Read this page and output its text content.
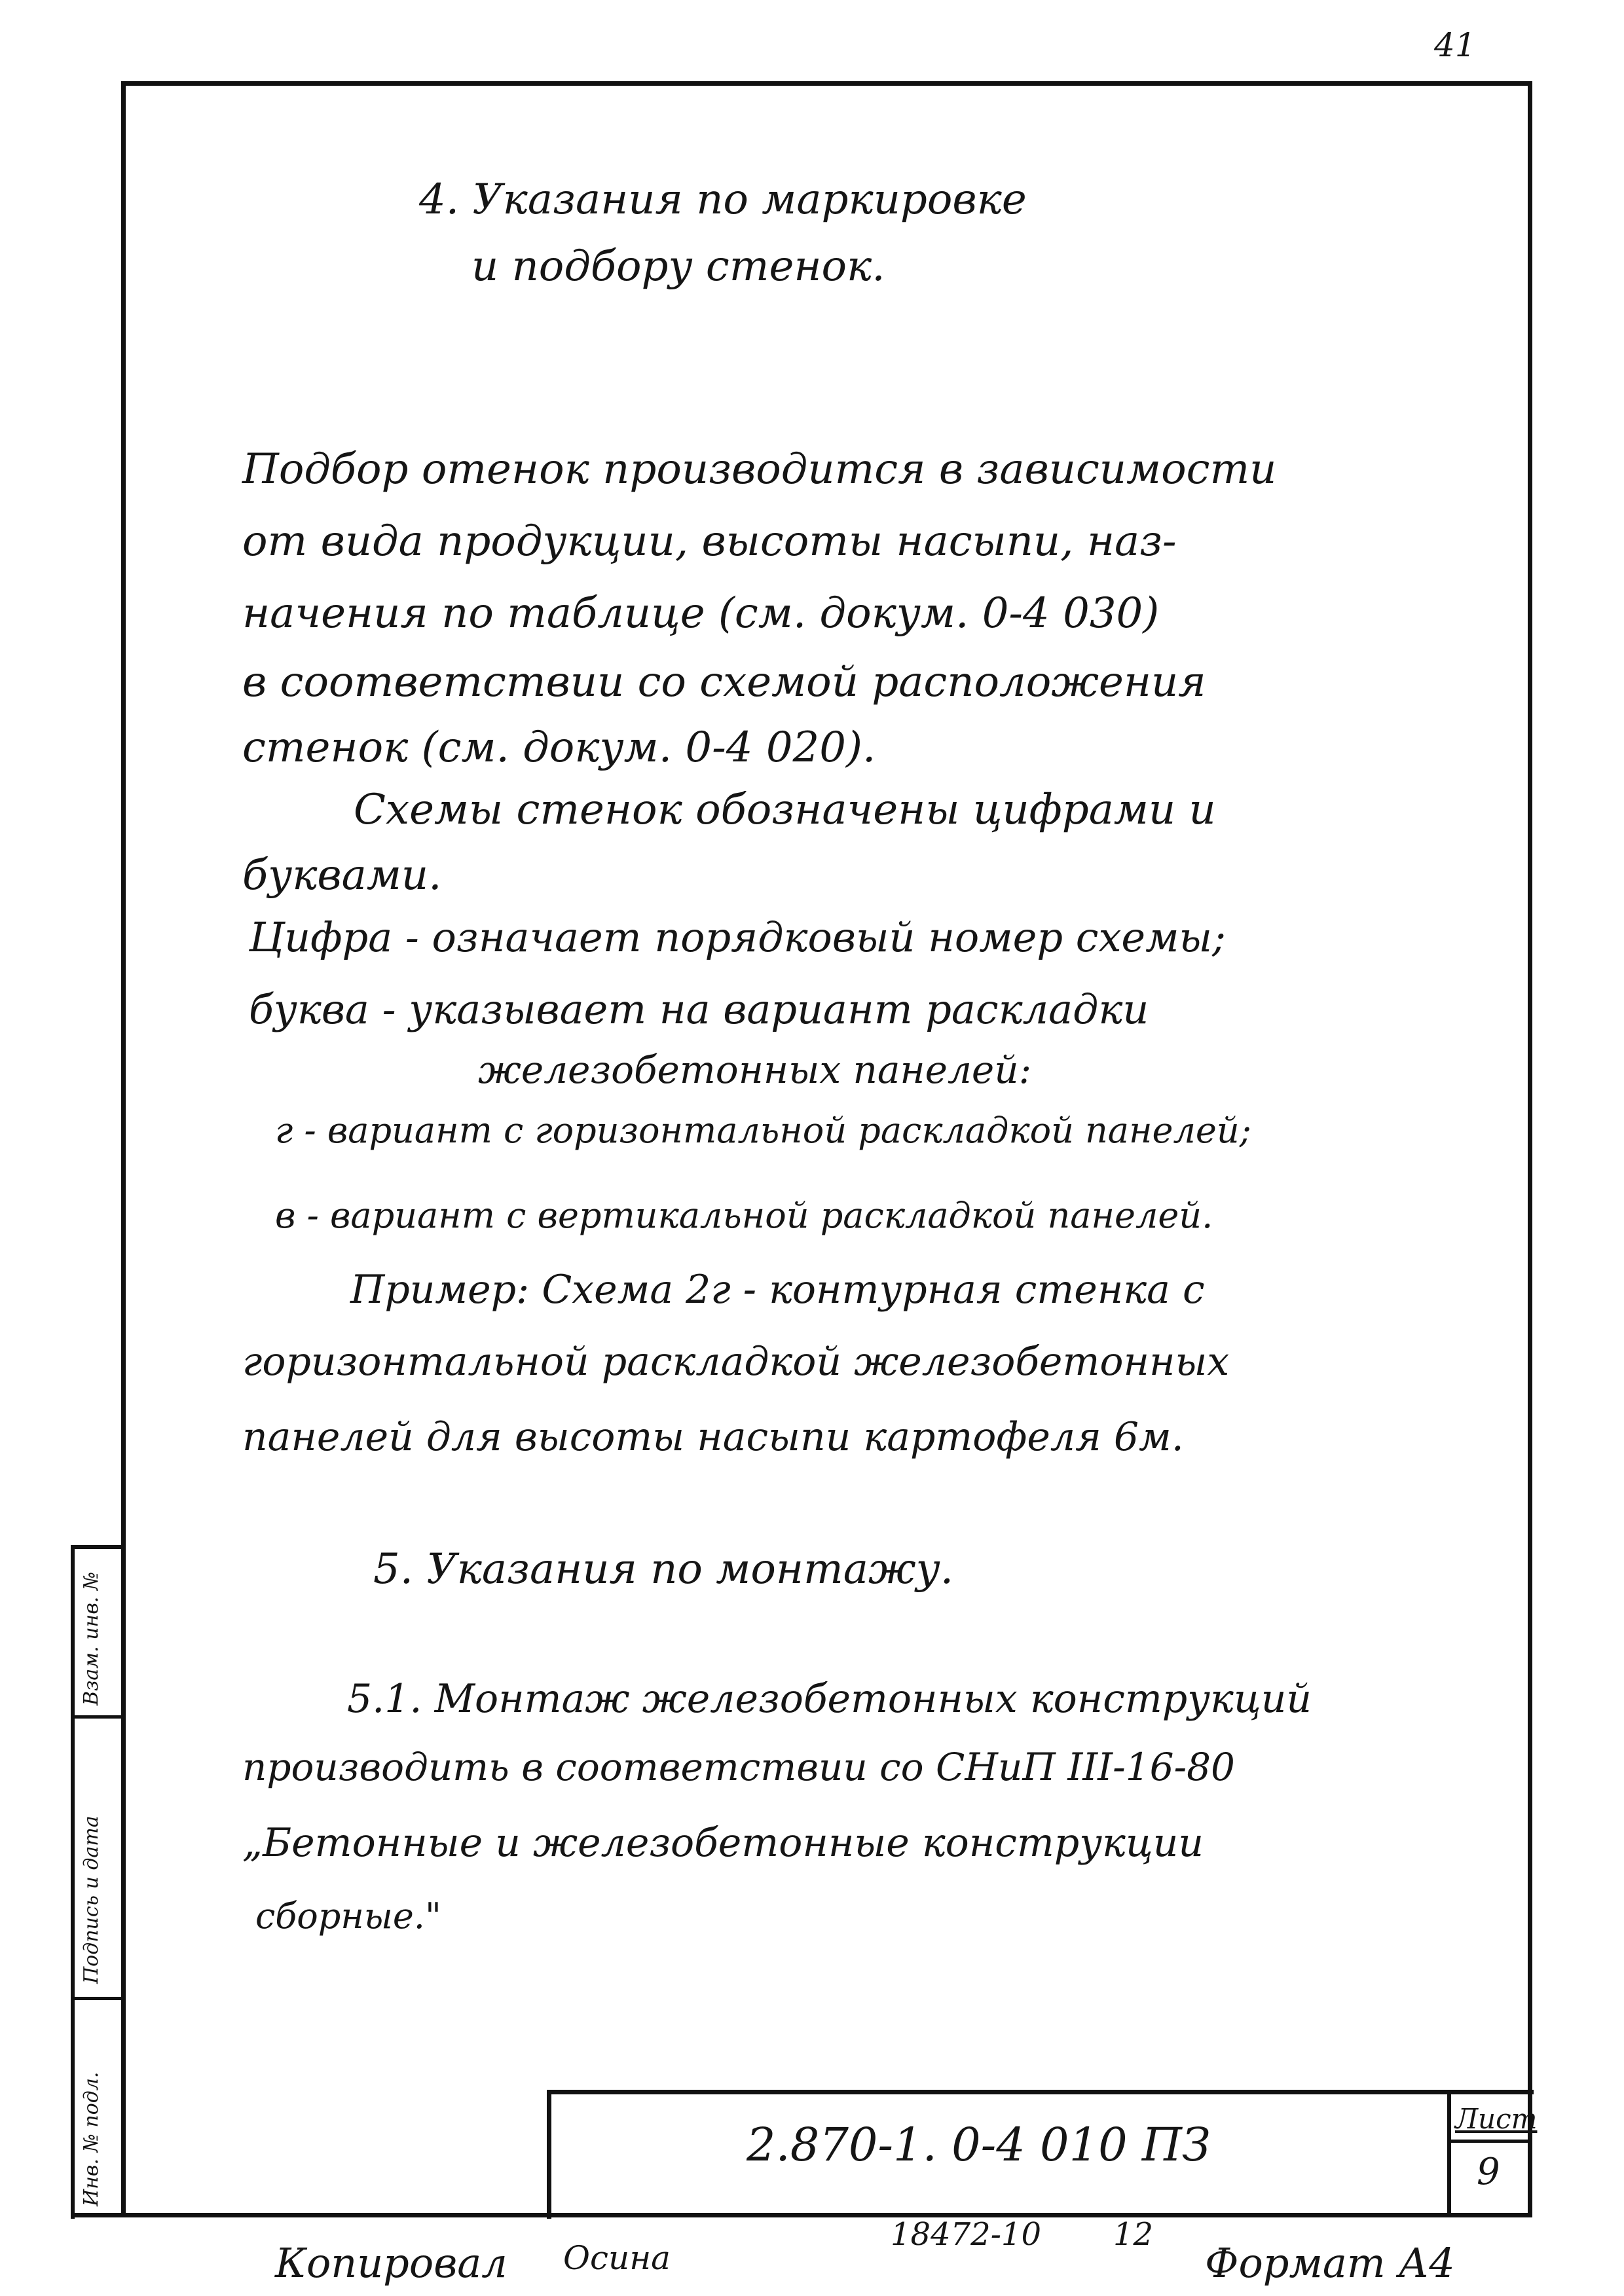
41
4. Указания по маркировке
и подбору стенок.
Подбор отенок производится в зависимости
от вида продукции, высоты насыпи, наз-
начения по таблице (см. докум. 0-4 030)
в соответствии со схемой расположения
стенок (см. докум. 0-4 020).
Схемы стенок обозначены цифрами и
буквами.
Цифра - означает порядковый номер схемы;
буква - указывает на вариант раскладки
железобетонных панелей:
г - вариант с горизонтальной раскладкой панелей;
в - вариант с вертикальной раскладкой панелей.
Пример: Схема 2г - контурная стенка с
горизонтальной раскладкой железобетонных
панелей для высоты насыпи картофеля 6м.
5. Указания по монтажу.
5.1. Монтаж железобетонных конструкций
производить в соответствии со СНиП III-16-80
„Бетонные и железобетонные конструкции
сборные."
Взам. инв. №
Подпись и дата
Инв. № подл.	2.870-1. 0-4 010 ПЗ	Лист
9
Копировал Осина
18472-10 12
Формат А4
